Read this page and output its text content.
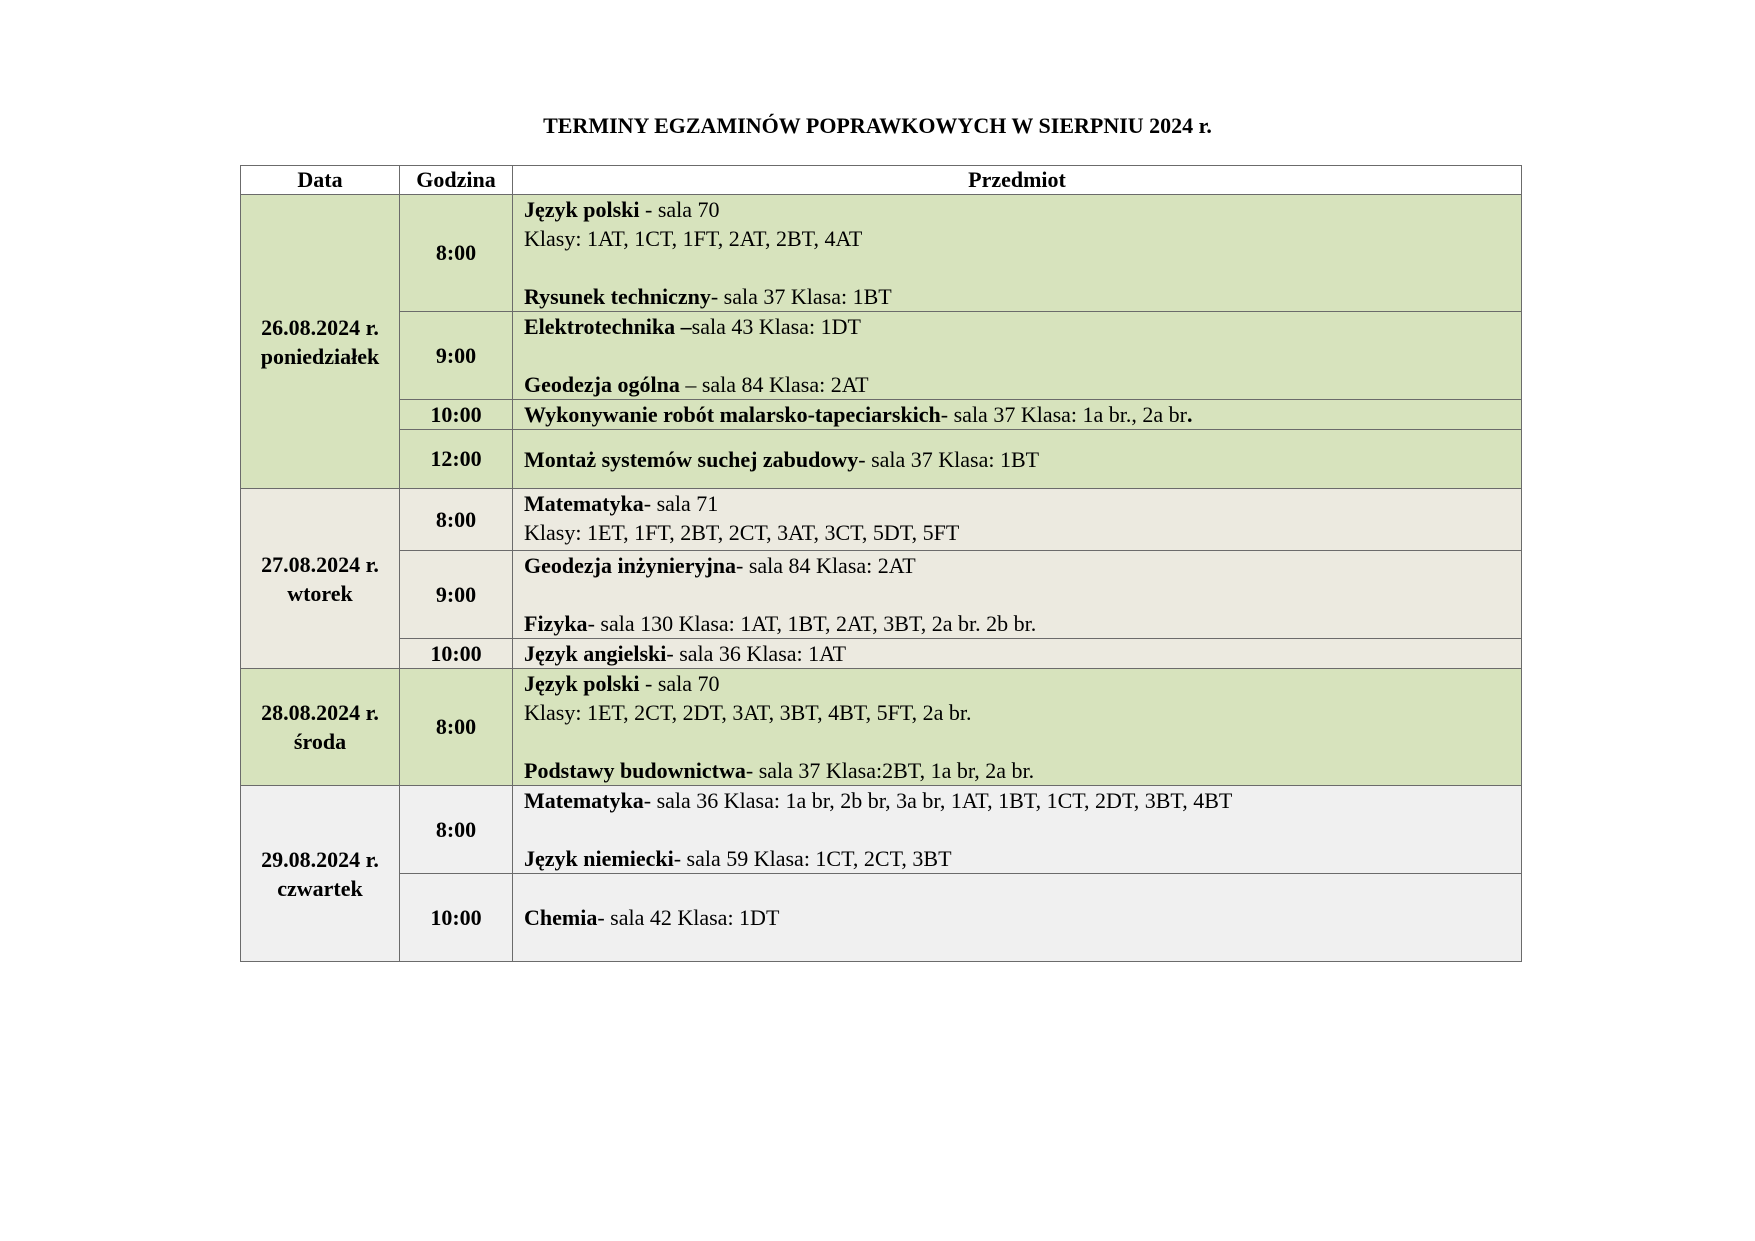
TERMINY EGZAMINÓW POPRAWKOWYCH W SIERPNIU 2024 r.
Data	Godzina	Przedmiot

26.08.2024 r.
poniedziałek	8:00	Język polski - sala 70
Klasy: 1AT, 1CT, 1FT, 2AT, 2BT, 4AT
Rysunek techniczny- sala 37 Klasa: 1BT

	9:00	Elektrotechnika –sala 43 Klasa: 1DT
Geodezja ogólna – sala 84 Klasa: 2AT

	10:00	Wykonywanie robót malarsko-tapeciarskich- sala 37 Klasa: 1a br., 2a br.

	12:00	Montaż systemów suchej zabudowy- sala 37 Klasa: 1BT

27.08.2024 r.
wtorek	8:00	Matematyka- sala 71
Klasy: 1ET, 1FT, 2BT, 2CT, 3AT, 3CT, 5DT, 5FT

	9:00	Geodezja inżynieryjna- sala 84 Klasa: 2AT
Fizyka- sala 130 Klasa: 1AT, 1BT, 2AT, 3BT, 2a br. 2b br.

	10:00	Język angielski- sala 36 Klasa: 1AT

28.08.2024 r.
środa	8:00	Język polski - sala 70
Klasy: 1ET, 2CT, 2DT, 3AT, 3BT, 4BT, 5FT, 2a br.
Podstawy budownictwa- sala 37 Klasa:2BT, 1a br, 2a br.

29.08.2024 r.
czwartek	8:00	Matematyka- sala 36 Klasa: 1a br, 2b br, 3a br, 1AT, 1BT, 1CT, 2DT, 3BT, 4BT
Język niemiecki- sala 59 Klasa: 1CT, 2CT, 3BT

	10:00	Chemia- sala 42 Klasa: 1DT
